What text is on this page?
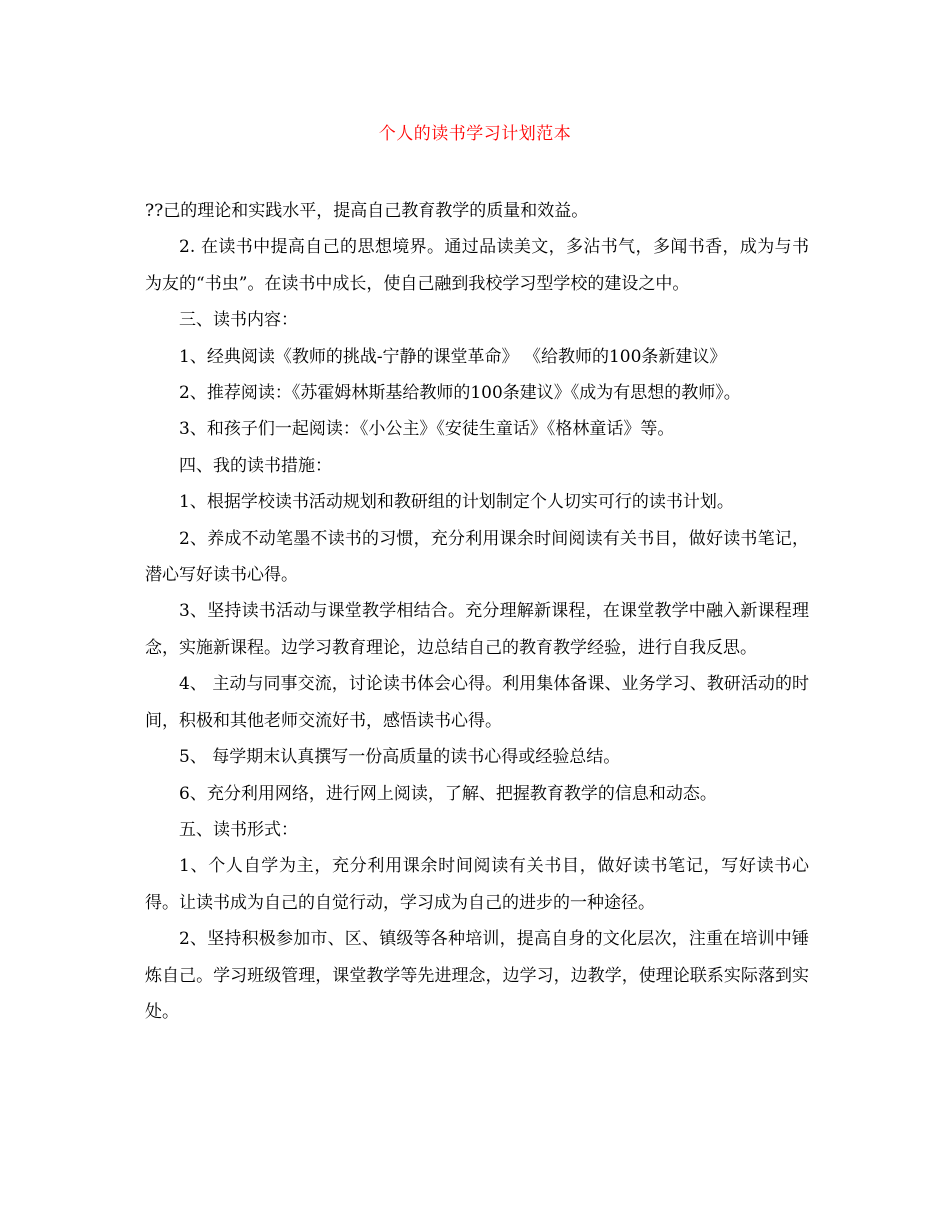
个人的读书学习计划范本

??己的理论和实践水平，提高自己教育教学的质量和效益。

2. 在读书中提高自己的思想境界。通过品读美文，多沾书气，多闻书香，成为与书为友的“书虫”。在读书中成长，使自己融到我校学习型学校的建设之中。

三、读书内容：

1、经典阅读《教师的挑战-宁静的课堂革命》 《给教师的100条新建议》

2、推荐阅读：《苏霍姆林斯基给教师的100条建议》《成为有思想的教师》。

3、和孩子们一起阅读：《小公主》《安徒生童话》《格林童话》等。

四、我的读书措施：

1、根据学校读书活动规划和教研组的计划制定个人切实可行的读书计划。

2、养成不动笔墨不读书的习惯，充分利用课余时间阅读有关书目，做好读书笔记，潜心写好读书心得。

3、坚持读书活动与课堂教学相结合。充分理解新课程，在课堂教学中融入新课程理念，实施新课程。边学习教育理论，边总结自己的教育教学经验，进行自我反思。

4、 主动与同事交流，讨论读书体会心得。利用集体备课、业务学习、教研活动的时间，积极和其他老师交流好书，感悟读书心得。

5、 每学期末认真撰写一份高质量的读书心得或经验总结。

6、充分利用网络，进行网上阅读，了解、把握教育教学的信息和动态。

五、读书形式：

1、个人自学为主，充分利用课余时间阅读有关书目，做好读书笔记，写好读书心得。让读书成为自己的自觉行动，学习成为自己的进步的一种途径。

2、坚持积极参加市、区、镇级等各种培训，提高自身的文化层次，注重在培训中锤炼自己。学习班级管理，课堂教学等先进理念，边学习，边教学，使理论联系实际落到实处。
